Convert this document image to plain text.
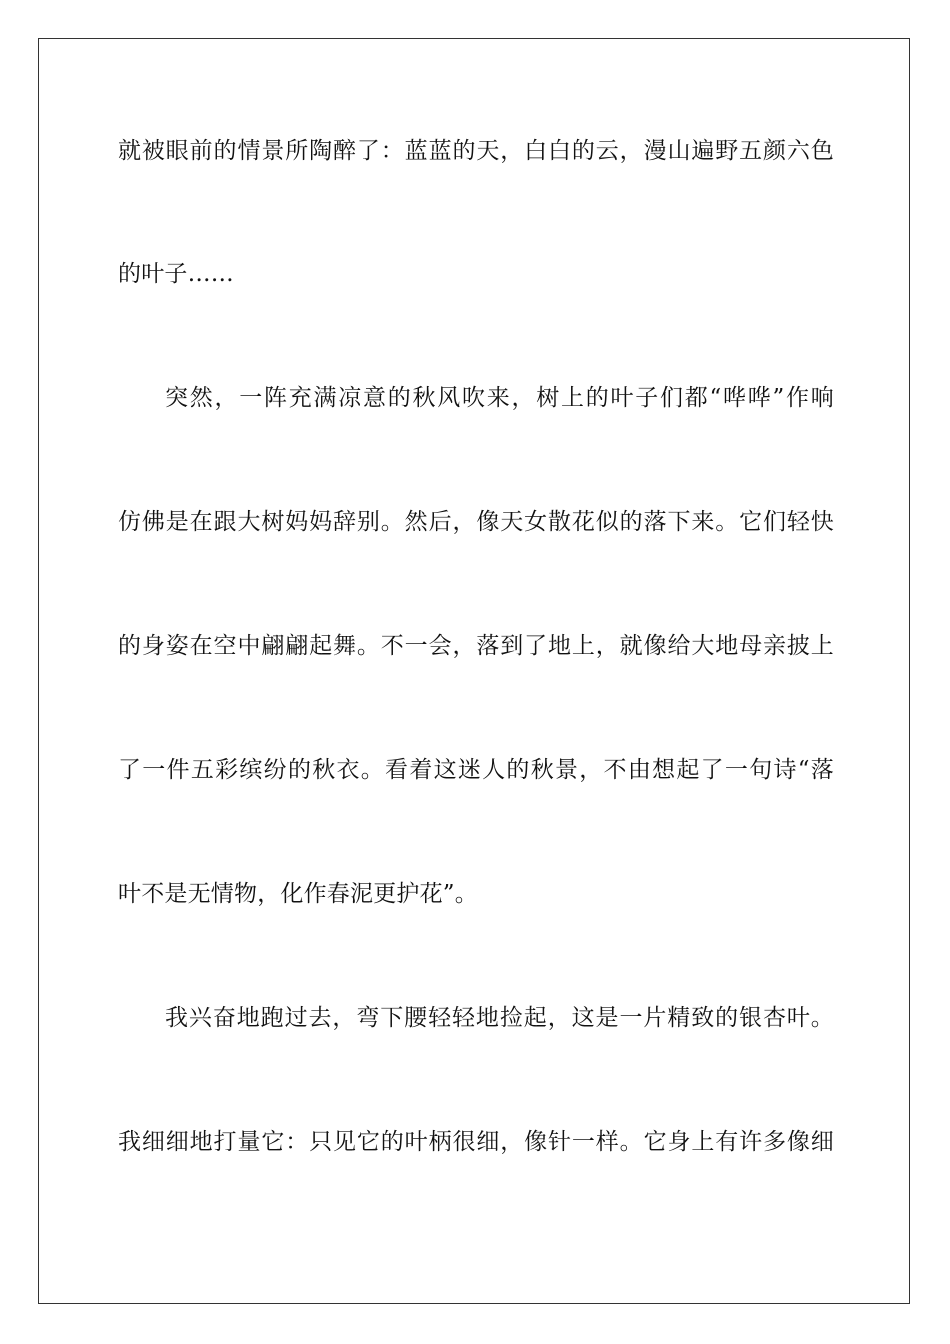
就被眼前的情景所陶醉了：蓝蓝的天，白白的云，漫山遍野五颜六色
的叶子……
突然，一阵充满凉意的秋风吹来，树上的叶子们都“哗哗”作响
仿佛是在跟大树妈妈辞别。然后，像天女散花似的落下来。它们轻快
的身姿在空中翩翩起舞。不一会，落到了地上，就像给大地母亲披上
了一件五彩缤纷的秋衣。看着这迷人的秋景，不由想起了一句诗“落
叶不是无情物，化作春泥更护花”。
我兴奋地跑过去，弯下腰轻轻地捡起，这是一片精致的银杏叶。
我细细地打量它：只见它的叶柄很细，像针一样。它身上有许多像细
